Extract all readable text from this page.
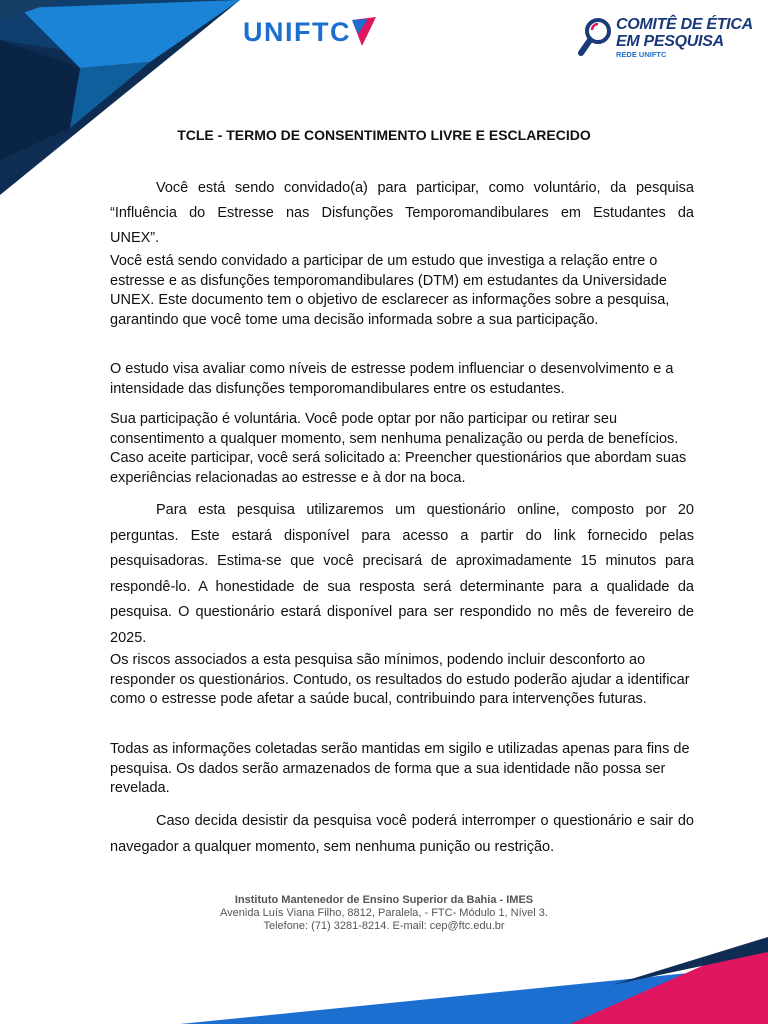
UNIFTC	COMITÊ DE ÉTICA
EM PESQUISA
REDE UNIFTC
TCLE - TERMO DE CONSENTIMENTO LIVRE E ESCLARECIDO
Você está sendo convidado(a) para participar, como voluntário, da pesquisa
“Influência do Estresse nas Disfunções Temporomandibulares em Estudantes da
UNEX”.

Você está sendo convidado a participar de um estudo que investiga a relação entre o estresse e as disfunções temporomandibulares (DTM) em estudantes da Universidade UNEX. Este documento tem o objetivo de esclarecer as informações sobre a pesquisa, garantindo que você tome uma decisão informada sobre a sua participação.

O estudo visa avaliar como níveis de estresse podem influenciar o desenvolvimento e a intensidade das disfunções temporomandibulares entre os estudantes.

Sua participação é voluntária. Você pode optar por não participar ou retirar seu consentimento a qualquer momento, sem nenhuma penalização ou perda de benefícios. Caso aceite participar, você será solicitado a: Preencher questionários que abordam suas experiências relacionadas ao estresse e à dor na boca.

Para esta pesquisa utilizaremos um questionário online, composto por 20 perguntas. Este estará disponível para acesso a partir do link fornecido pelas pesquisadoras. Estima-se que você precisará de aproximadamente 15 minutos para respondê-lo. A honestidade de sua resposta será determinante para a qualidade da pesquisa. O questionário estará disponível para ser respondido no mês de fevereiro de 2025.

Os riscos associados a esta pesquisa são mínimos, podendo incluir desconforto ao responder os questionários. Contudo, os resultados do estudo poderão ajudar a identificar como o estresse pode afetar a saúde bucal, contribuindo para intervenções futuras.

Todas as informações coletadas serão mantidas em sigilo e utilizadas apenas para fins de pesquisa. Os dados serão armazenados de forma que a sua identidade não possa ser revelada.

Caso decida desistir da pesquisa você poderá interromper o questionário e sair do navegador a qualquer momento, sem nenhuma punição ou restrição.

Instituto Mantenedor de Ensino Superior da Bahia - IMES
Avenida Luís Viana Filho, 8812, Paralela, - FTC- Módulo 1, Nível 3.
Telefone: (71) 3281-8214. E-mail: cep@ftc.edu.br
